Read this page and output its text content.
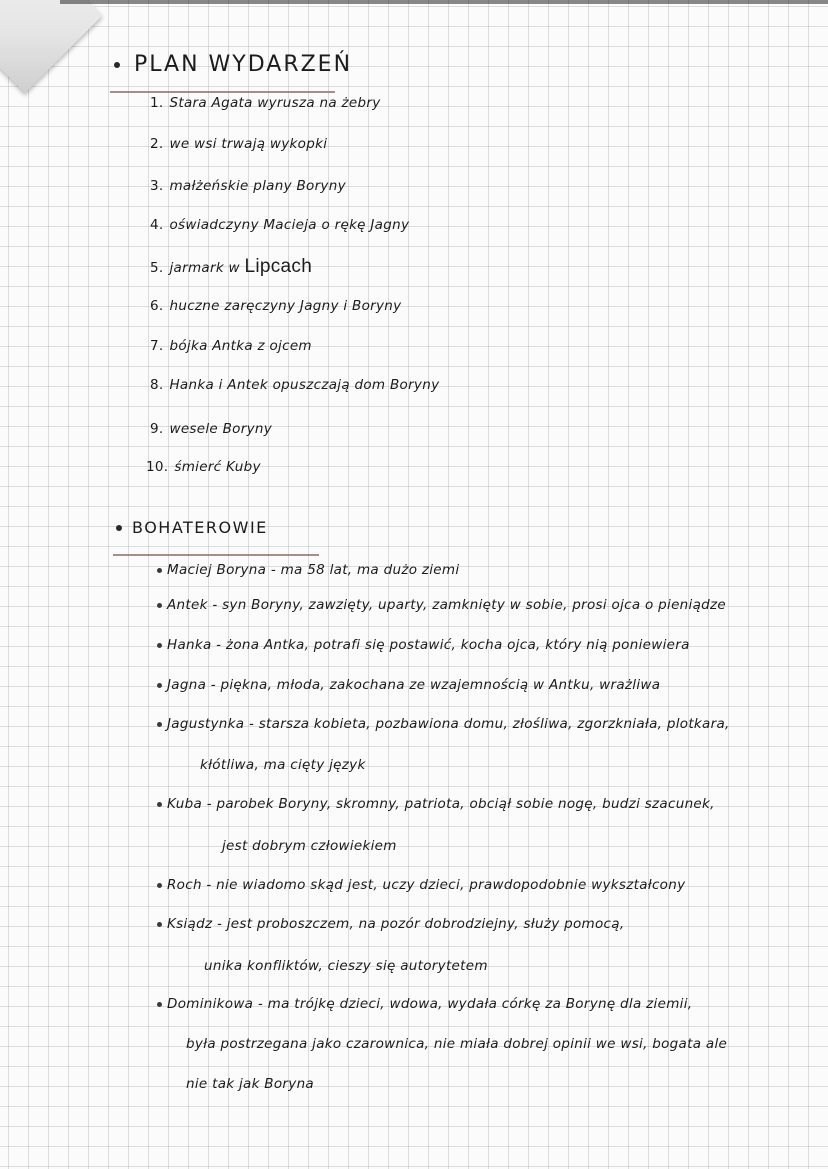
PLAN WYDARZEŃ
1. Stara Agata wyrusza na żebry
2. we wsi trwają wykopki
3. małżeńskie plany Boryny
4. oświadczyny Macieja o rękę Jagny
5. jarmark w Lipcach
6. huczne zaręczyny Jagny i Boryny
7. bójka Antka z ojcem
8. Hanka i Antek opuszczają dom Boryny
9. wesele Boryny
10. śmierć Kuby
BOHATEROWIE
Maciej Boryna - ma 58 lat, ma dużo ziemi
Antek - syn Boryny, zawzięty, uparty, zamknięty w sobie, prosi ojca o pieniądze
Hanka - żona Antka, potrafi się postawić, kocha ojca, który nią poniewiera
Jagna - piękna, młoda, zakochana ze wzajemnością w Antku, wrażliwa
Jagustynka - starsza kobieta, pozbawiona domu, złośliwa, zgorzkniała, plotkara,
kłótliwa, ma cięty język
Kuba - parobek Boryny, skromny, patriota, obciął sobie nogę, budzi szacunek,
jest dobrym człowiekiem
Roch - nie wiadomo skąd jest, uczy dzieci, prawdopodobnie wykształcony
Ksiądz - jest proboszczem, na pozór dobrodziejny, służy pomocą,
unika konfliktów, cieszy się autorytetem
Dominikowa - ma trójkę dzieci, wdowa, wydała córkę za Borynę dla ziemii,
była postrzegana jako czarownica, nie miała dobrej opinii we wsi, bogata ale
nie tak jak Boryna
